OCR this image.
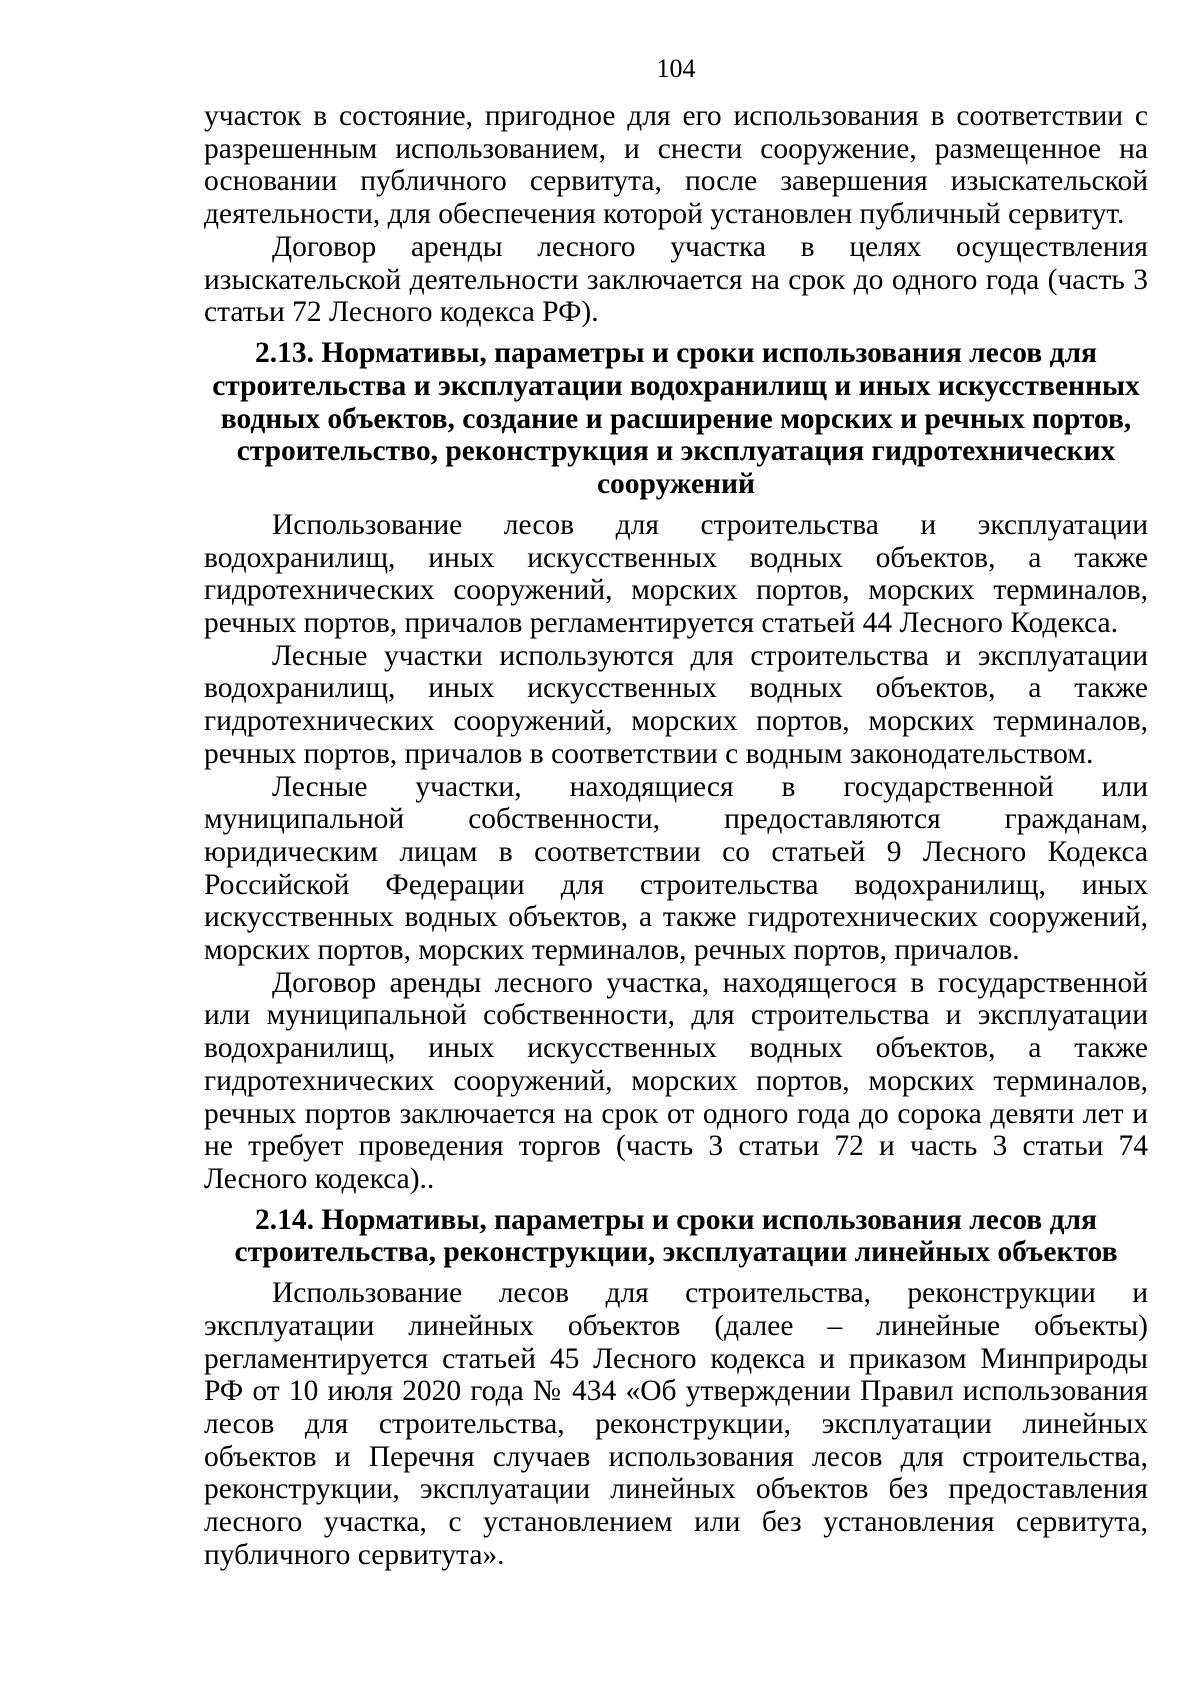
104

участок в состояние, пригодное для его использования в соответствии с разрешенным использованием, и снести сооружение, размещенное на основании публичного сервитута, после завершения изыскательской деятельности, для обеспечения которой установлен публичный сервитут.

Договор аренды лесного участка в целях осуществления изыскательской деятельности заключается на срок до одного года (часть 3 статьи 72 Лесного кодекса РФ).

2.13. Нормативы, параметры и сроки использования лесов для строительства и эксплуатации водохранилищ и иных искусственных водных объектов, создание и расширение морских и речных портов, строительство, реконструкция и эксплуатация гидротехнических сооружений

Использование лесов для строительства и эксплуатации водохранилищ, иных искусственных водных объектов, а также гидротехнических сооружений, морских портов, морских терминалов, речных портов, причалов регламентируется статьей 44 Лесного Кодекса.

Лесные участки используются для строительства и эксплуатации водохранилищ, иных искусственных водных объектов, а также гидротехнических сооружений, морских портов, морских терминалов, речных портов, причалов в соответствии с водным законодательством.

Лесные участки, находящиеся в государственной или муниципальной собственности, предоставляются гражданам, юридическим лицам в соответствии со статьей 9 Лесного Кодекса Российской Федерации для строительства водохранилищ, иных искусственных водных объектов, а также гидротехнических сооружений, морских портов, морских терминалов, речных портов, причалов.

Договор аренды лесного участка, находящегося в государственной или муниципальной собственности, для строительства и эксплуатации водохранилищ, иных искусственных водных объектов, а также гидротехнических сооружений, морских портов, морских терминалов, речных портов заключается на срок от одного года до сорока девяти лет и не требует проведения торгов (часть 3 статьи 72 и часть 3 статьи 74 Лесного кодекса)..

2.14. Нормативы, параметры и сроки использования лесов для строительства, реконструкции, эксплуатации линейных объектов

Использование лесов для строительства, реконструкции и эксплуатации линейных объектов (далее – линейные объекты) регламентируется статьей 45 Лесного кодекса и приказом Минприроды РФ от 10 июля 2020 года № 434 «Об утверждении Правил использования лесов для строительства, реконструкции, эксплуатации линейных объектов и Перечня случаев использования лесов для строительства, реконструкции, эксплуатации линейных объектов без предоставления лесного участка, с установлением или без установления сервитута, публичного сервитута».
